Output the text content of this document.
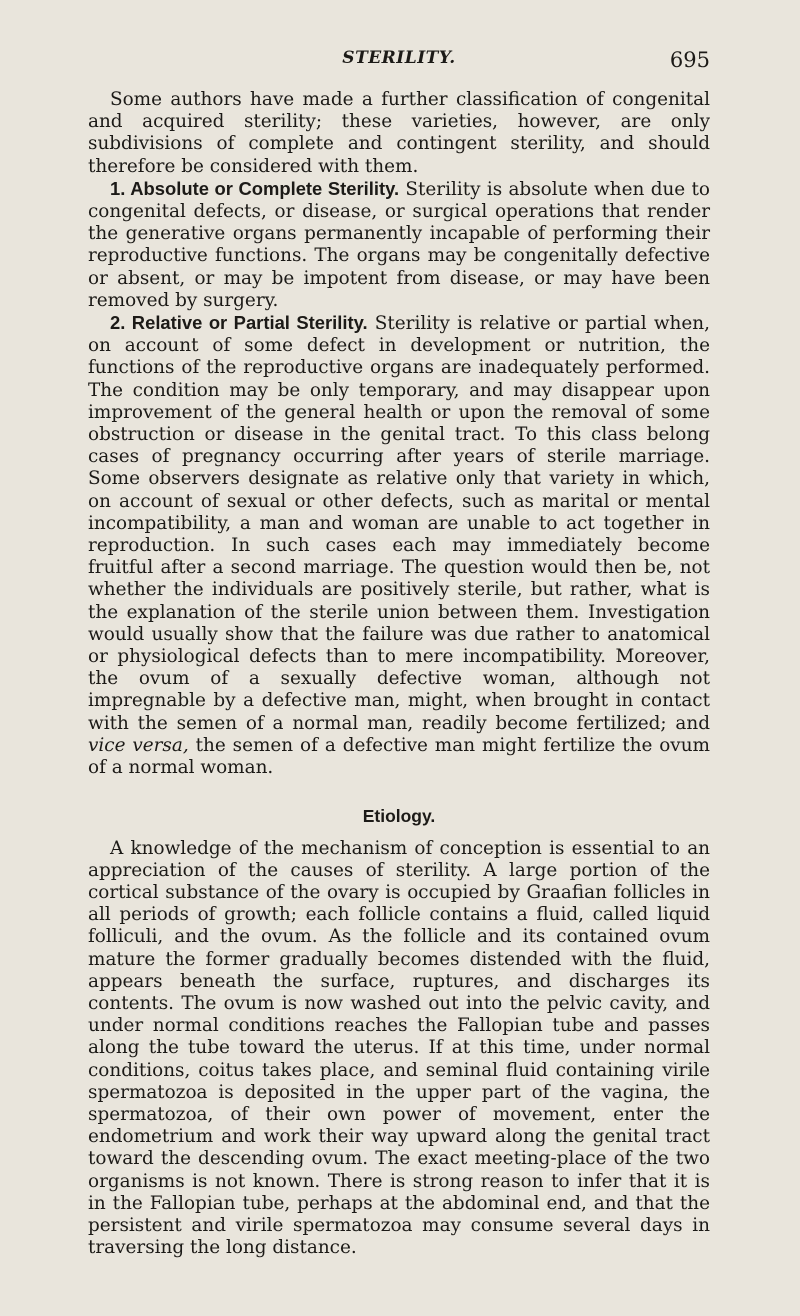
STERILITY.	695

Some authors have made a further classification of congenital and acquired sterility; these varieties, however, are only subdivisions of complete and contingent sterility, and should therefore be considered with them.

1. Absolute or Complete Sterility. Sterility is absolute when due to congenital defects, or disease, or surgical operations that render the generative organs permanently incapable of performing their reproductive functions. The organs may be congenitally defective or absent, or may be impotent from disease, or may have been removed by surgery.

2. Relative or Partial Sterility. Sterility is relative or partial when, on account of some defect in development or nutrition, the functions of the reproductive organs are inadequately performed. The condition may be only temporary, and may disappear upon improvement of the general health or upon the removal of some obstruction or disease in the genital tract. To this class belong cases of pregnancy occurring after years of sterile marriage. Some observers designate as relative only that variety in which, on account of sexual or other defects, such as marital or mental incompatibility, a man and woman are unable to act together in reproduction. In such cases each may immediately become fruitful after a second marriage. The question would then be, not whether the individuals are positively sterile, but rather, what is the explanation of the sterile union between them. Investigation would usually show that the failure was due rather to anatomical or physiological defects than to mere incompatibility. Moreover, the ovum of a sexually defective woman, although not impregnable by a defective man, might, when brought in contact with the semen of a normal man, readily become fertilized; and vice versa, the semen of a defective man might fertilize the ovum of a normal woman.

Etiology.

A knowledge of the mechanism of conception is essential to an appreciation of the causes of sterility. A large portion of the cortical substance of the ovary is occupied by Graafian follicles in all periods of growth; each follicle contains a fluid, called liquid folliculi, and the ovum. As the follicle and its contained ovum mature the former gradually becomes distended with the fluid, appears beneath the surface, ruptures, and discharges its contents. The ovum is now washed out into the pelvic cavity, and under normal conditions reaches the Fallopian tube and passes along the tube toward the uterus. If at this time, under normal conditions, coitus takes place, and seminal fluid containing virile spermatozoa is deposited in the upper part of the vagina, the spermatozoa, of their own power of movement, enter the endometrium and work their way upward along the genital tract toward the descending ovum. The exact meeting-place of the two organisms is not known. There is strong reason to infer that it is in the Fallopian tube, perhaps at the abdominal end, and that the persistent and virile spermatozoa may consume several days in traversing the long distance.
